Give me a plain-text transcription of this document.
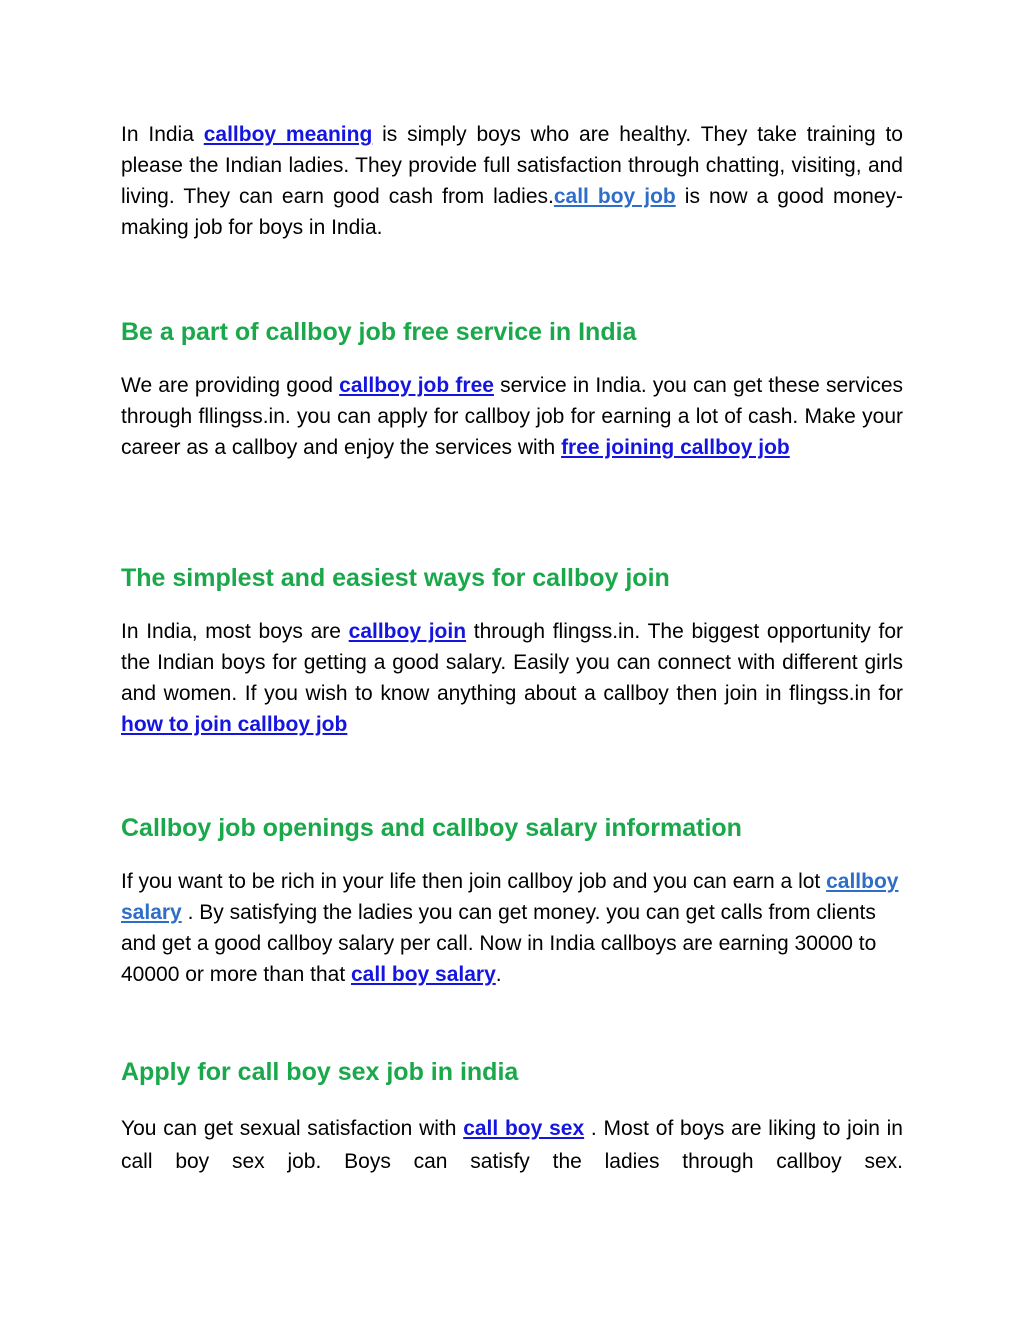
In India callboy meaning is simply boys who are healthy. They take training to please the Indian ladies. They provide full satisfaction through chatting, visiting, and living. They can earn good cash from ladies.call boy job is now a good money-making job for boys in India.

Be a part of callboy job free service in India

We are providing good callboy job free service in India. you can get these services through fllingss.in. you can apply for callboy job for earning a lot of cash. Make your career as a callboy and enjoy the services with free joining callboy job

The simplest and easiest ways for callboy join

In India, most boys are callboy join through flingss.in. The biggest opportunity for the Indian boys for getting a good salary. Easily you can connect with different girls and women. If you wish to know anything about a callboy then join in flingss.in for how to join callboy job

Callboy job openings and callboy salary information

If you want to be rich in your life then join callboy job and you can earn a lot callboy salary . By satisfying the ladies you can get money. you can get calls from clients and get a good callboy salary per call. Now in India callboys are earning 30000 to 40000 or more than that call boy salary.

Apply for call boy sex job in india

You can get sexual satisfaction with call boy sex . Most of boys are liking to join in call boy sex job. Boys can satisfy the ladies through callboy sex.
